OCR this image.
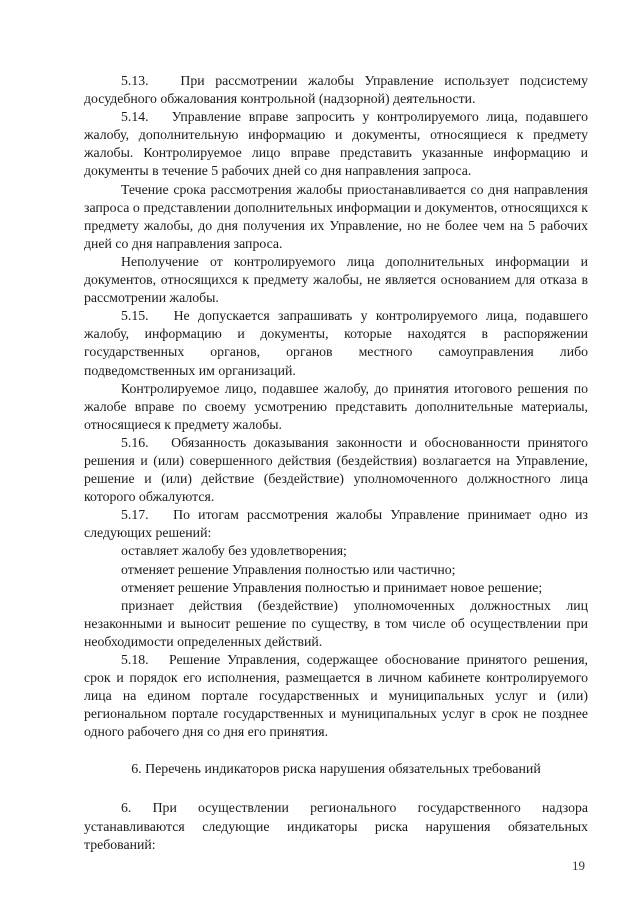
5.13.   При рассмотрении жалобы Управление использует подсистему досудебного обжалования контрольной (надзорной) деятельности.

5.14.   Управление вправе запросить у контролируемого лица, подавшего жалобу, дополнительную информацию и документы, относящиеся к предмету жалобы. Контролируемое лицо вправе представить указанные информацию и документы в течение 5 рабочих дней со дня направления запроса.

Течение срока рассмотрения жалобы приостанавливается со дня направления запроса о представлении дополнительных информации и документов, относящихся к предмету жалобы, до дня получения их Управление, но не более чем на 5 рабочих дней со дня направления запроса.

Неполучение от контролируемого лица дополнительных информации и документов, относящихся к предмету жалобы, не является основанием для отказа в рассмотрении жалобы.

5.15.   Не допускается запрашивать у контролируемого лица, подавшего жалобу, информацию и документы, которые находятся в распоряжении государственных органов, органов местного самоуправления либо подведомственных им организаций.

Контролируемое лицо, подавшее жалобу, до принятия итогового решения по жалобе вправе по своему усмотрению представить дополнительные материалы, относящиеся к предмету жалобы.

5.16.   Обязанность доказывания законности и обоснованности принятого решения и (или) совершенного действия (бездействия) возлагается на Управление, решение и (или) действие (бездействие) уполномоченного должностного лица которого обжалуются.

5.17.   По итогам рассмотрения жалобы Управление принимает одно из следующих решений:

оставляет жалобу без удовлетворения;

отменяет решение Управления полностью или частично;

отменяет решение Управления полностью и принимает новое решение;

признает действия (бездействие) уполномоченных должностных лиц незаконными и выносит решение по существу, в том числе об осуществлении при необходимости определенных действий.

5.18.   Решение Управления, содержащее обоснование принятого решения, срок и порядок его исполнения, размещается в личном кабинете контролируемого лица на едином портале государственных и муниципальных услуг и (или) региональном портале государственных и муниципальных услуг в срок не позднее одного рабочего дня со дня его принятия.

6. Перечень индикаторов риска нарушения обязательных требований

6. При осуществлении регионального государственного надзора устанавливаются следующие индикаторы риска нарушения обязательных требований:

19
